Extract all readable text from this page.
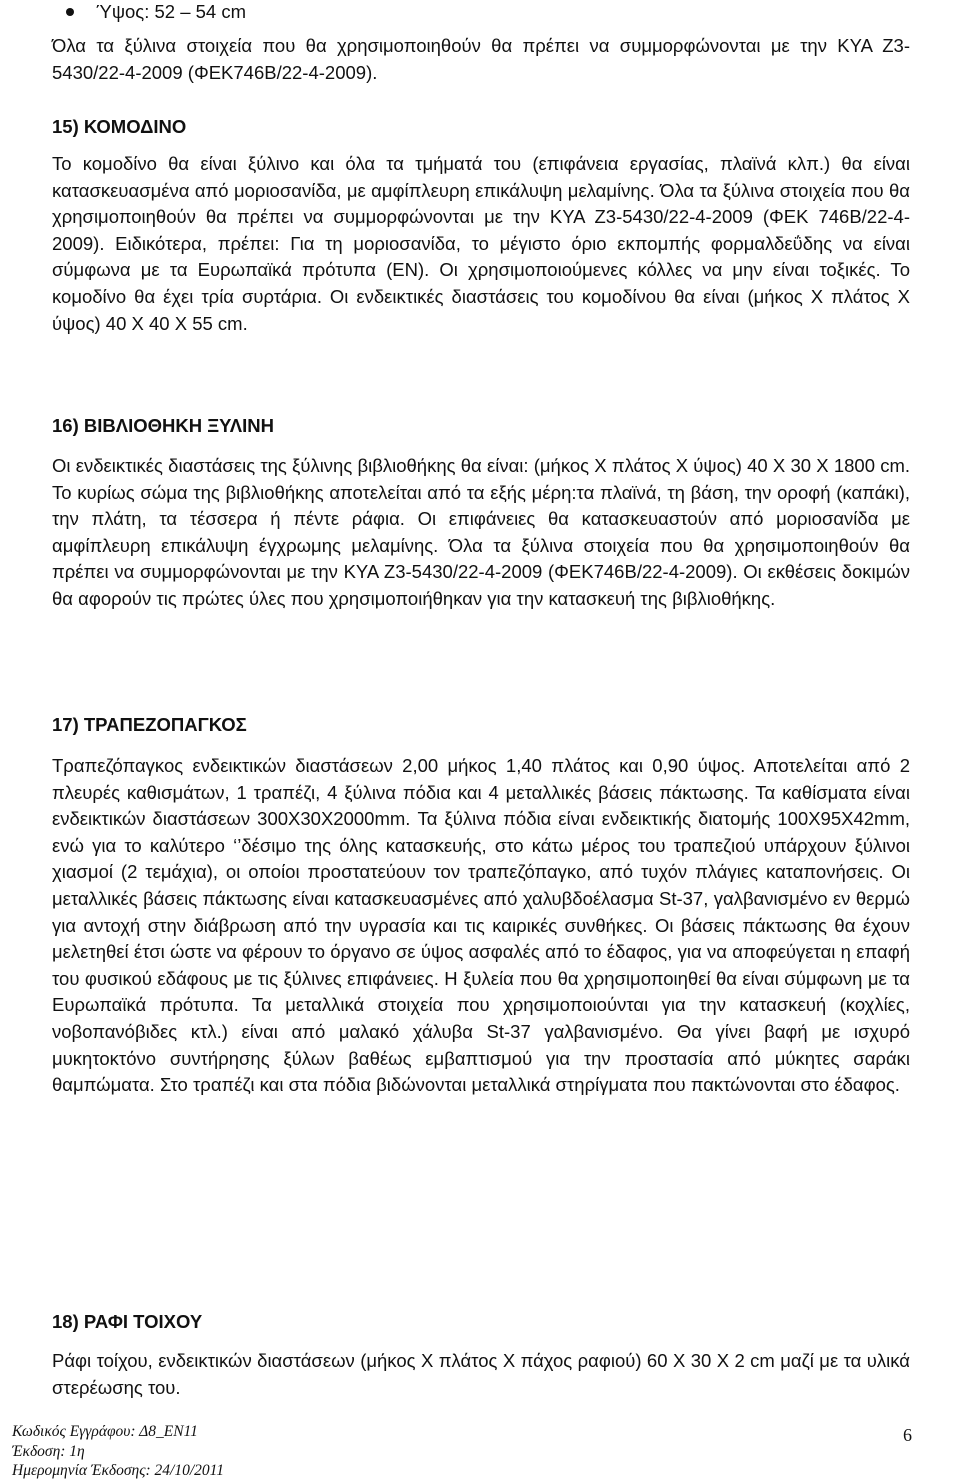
Ύψος: 52 – 54 cm

Όλα τα ξύλινα στοιχεία που θα χρησιμοποιηθούν θα πρέπει να συμμορφώνονται με την ΚΥΑ Ζ3-5430/22-4-2009 (ΦΕΚ746Β/22-4-2009).

15) ΚΟΜΟΔΙΝΟ

Το κομοδίνο θα είναι ξύλινο και όλα τα τμήματά του (επιφάνεια εργασίας, πλαϊνά κλπ.) θα είναι κατασκευασμένα από μοριοσανίδα, με αμφίπλευρη επικάλυψη μελαμίνης. Όλα τα ξύλινα στοιχεία που θα χρησιμοποιηθούν θα πρέπει να συμμορφώνονται με την ΚΥΑ Ζ3-5430/22-4-2009 (ΦΕΚ 746Β/22-4-2009). Ειδικότερα, πρέπει: Για τη μοριοσανίδα, το μέγιστο όριο εκπομπής φορμαλδεΰδης να είναι σύμφωνα με τα Ευρωπαϊκά πρότυπα (ΕΝ). Οι χρησιμοποιούμενες κόλλες να μην είναι τοξικές. Το κομοδίνο θα έχει τρία συρτάρια. Οι ενδεικτικές διαστάσεις του κομοδίνου θα είναι (μήκος Χ πλάτος Χ ύψος) 40 Χ 40 Χ 55 cm.

16) ΒΙΒΛΙΟΘΗΚΗ ΞΥΛΙΝΗ

Οι ενδεικτικές διαστάσεις της ξύλινης βιβλιοθήκης θα είναι: (μήκος Χ πλάτος Χ ύψος) 40 Χ 30 Χ 1800 cm. Το κυρίως σώμα της βιβλιοθήκης αποτελείται από τα εξής μέρη:τα πλαϊνά, τη βάση, την οροφή (καπάκι), την πλάτη, τα τέσσερα ή πέντε ράφια. Οι επιφάνειες θα κατασκευαστούν από μοριοσανίδα με αμφίπλευρη επικάλυψη έγχρωμης μελαμίνης. Όλα τα ξύλινα στοιχεία που θα χρησιμοποιηθούν θα πρέπει να συμμορφώνονται με την ΚΥΑ Ζ3-5430/22-4-2009 (ΦΕΚ746Β/22-4-2009). Οι εκθέσεις δοκιμών θα αφορούν τις πρώτες ύλες που χρησιμοποιήθηκαν για την κατασκευή της βιβλιοθήκης.

17) ΤΡΑΠΕΖΟΠΑΓΚΟΣ

Τραπεζόπαγκος ενδεικτικών διαστάσεων 2,00 μήκος 1,40 πλάτος και 0,90 ύψος. Αποτελείται από 2 πλευρές καθισμάτων, 1 τραπέζι, 4 ξύλινα πόδια και 4 μεταλλικές βάσεις πάκτωσης. Τα καθίσματα είναι ενδεικτικών διαστάσεων 300Χ30Χ2000mm. Τα ξύλινα πόδια είναι ενδεικτικής διατομής 100Χ95Χ42mm, ενώ για το καλύτερο ‘’δέσιμο της όλης κατασκευής, στο κάτω μέρος του τραπεζιού υπάρχουν ξύλινοι χιασμοί (2 τεμάχια), οι οποίοι προστατεύουν τον τραπεζόπαγκο, από τυχόν πλάγιες καταπονήσεις. Οι μεταλλικές βάσεις πάκτωσης είναι κατασκευασμένες από χαλυβδοέλασμα St-37, γαλβανισμένο εν θερμώ για αντοχή στην διάβρωση από την υγρασία και τις καιρικές συνθήκες. Οι βάσεις πάκτωσης θα έχουν μελετηθεί έτσι ώστε να φέρουν το όργανο σε ύψος ασφαλές από το έδαφος, για να αποφεύγεται η επαφή του φυσικού εδάφους με τις ξύλινες επιφάνειες. Η ξυλεία που θα χρησιμοποιηθεί θα είναι σύμφωνη με τα Ευρωπαϊκά πρότυπα. Τα μεταλλικά στοιχεία που χρησιμοποιούνται για την κατασκευή (κοχλίες, νοβοπανόβιδες κτλ.) είναι από μαλακό χάλυβα St-37 γαλβανισμένο. Θα γίνει βαφή με ισχυρό μυκητοκτόνο συντήρησης ξύλων βαθέως εμβαπτισμού για την προστασία από μύκητες σαράκι θαμπώματα. Στο τραπέζι και στα πόδια βιδώνονται μεταλλικά στηρίγματα που πακτώνονται στο έδαφος.

18) ΡΑΦΙ ΤΟΙΧΟΥ

Ράφι τοίχου, ενδεικτικών διαστάσεων (μήκος Χ πλάτος Χ πάχος ραφιού) 60 Χ 30 Χ 2 cm μαζί με τα υλικά στερέωσης του.

Κωδικός Εγγράφου: Δ8_ΕΝ11
Έκδοση: 1η
Ημερομηνία Έκδοσης: 24/10/2011
6
